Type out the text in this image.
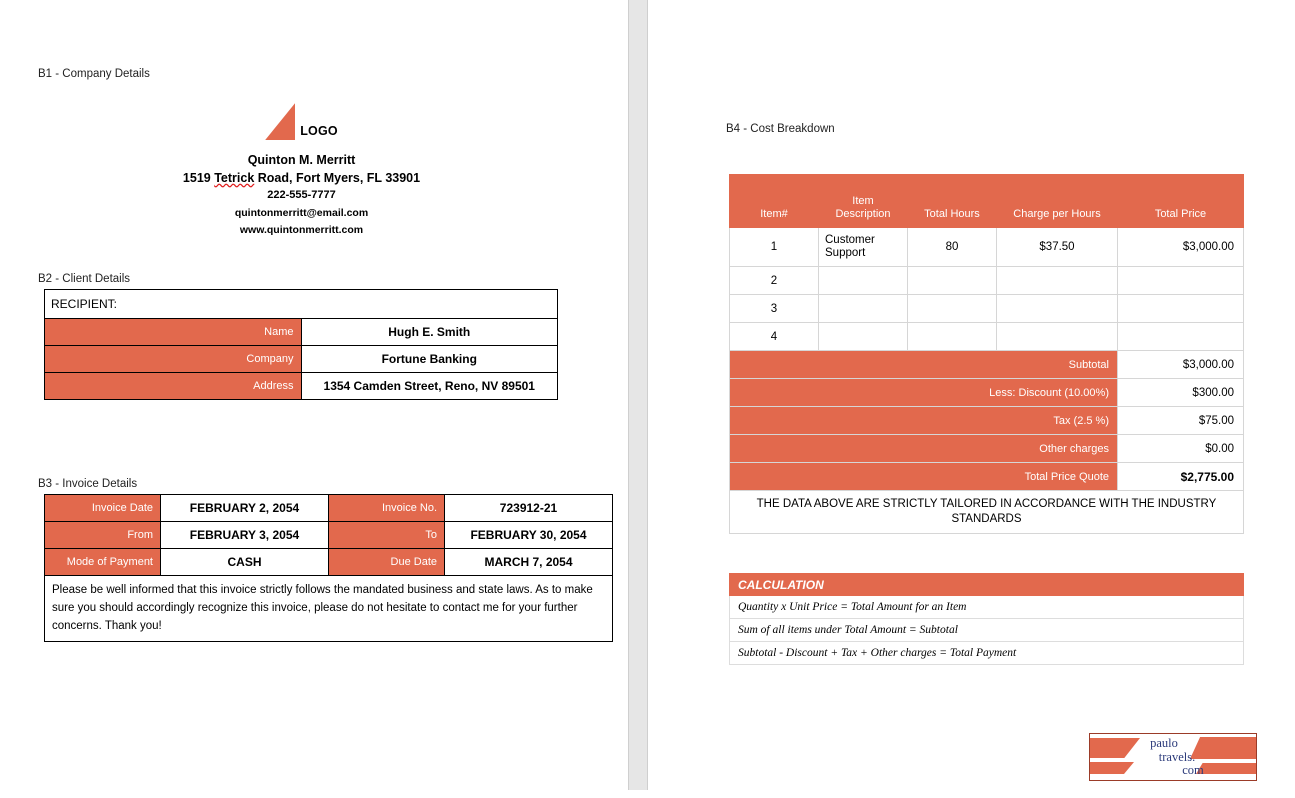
B1 - Company Details
LOGO
Quinton M. Merritt
1519 Tetrick Road, Fort Myers, FL 33901
222-555-7777
quintonmerritt@email.com
www.quintonmerritt.com
B2 - Client Details
RECIPIENT:	
Name	Hugh E. Smith
Company	Fortune Banking
Address	1354 Camden Street, Reno, NV 89501
B3 - Invoice Details
Invoice Date	FEBRUARY 2, 2054	Invoice No.	723912-21
From	FEBRUARY 3, 2054	To	FEBRUARY 30, 2054
Mode of Payment	CASH	Due Date	MARCH 7, 2054
Please be well informed that this invoice strictly follows the mandated business and state laws. As to make sure you should accordingly recognize this invoice, please do not hesitate to contact me for your further concerns. Thank you!			
B4 - Cost Breakdown
Item#	Item Description	Total Hours	Charge per Hours	Total Price
1	Customer Support	80	$37.50	$3,000.00
2				
3				
4				
Subtotal				$3,000.00
Less: Discount (10.00%)				$300.00
Tax (2.5 %)				$75.00
Other charges				$0.00
Total Price Quote				$2,775.00
THE DATA ABOVE ARE STRICTLY TAILORED IN ACCORDANCE WITH THE INDUSTRY STANDARDS				
CALCULATION
Quantity x Unit Price = Total Amount for an Item
Sum of all items under Total Amount = Subtotal
Subtotal - Discount + Tax + Other charges = Total Payment
paulo
travels.
com
